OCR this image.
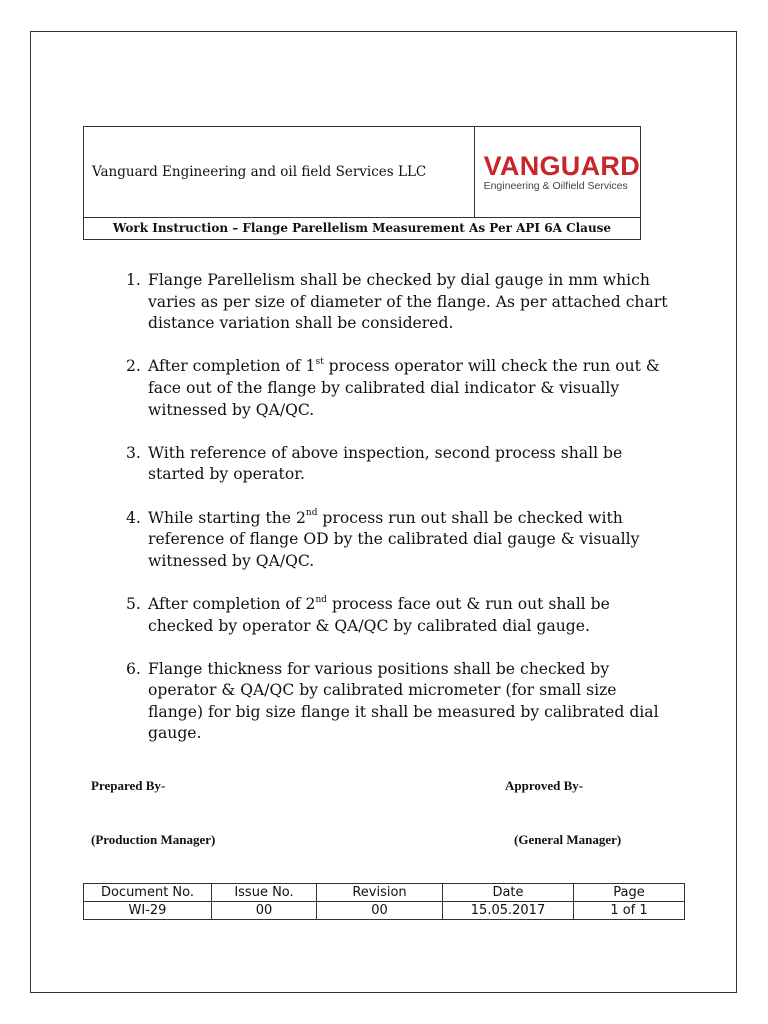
Vanguard Engineering and oil field Services LLC	VANGUARD
Engineering & Oilfield Services

Work Instruction – Flange Parellelism Measurement As Per API 6A Clause
1. Flange Parellelism shall be checked by dial gauge in mm which varies as per size of diameter of the flange. As per attached chart distance variation shall be considered.
2. After completion of 1st process operator will check the run out & face out of the flange by calibrated dial indicator & visually witnessed by QA/QC.
3. With reference of above inspection, second process shall be started by operator.
4. While starting the 2nd process run out shall be checked with reference of flange OD by the calibrated dial gauge & visually witnessed by QA/QC.
5. After completion of 2nd process face out & run out shall be checked by operator & QA/QC by calibrated dial gauge.
6. Flange thickness for various positions shall be checked by operator & QA/QC by calibrated micrometer (for small size flange) for big size flange it shall be measured by calibrated dial gauge.
Prepared By-	Approved By-
(Production Manager)	(General Manager)
Document No.	Issue No.	Revision	Date	Page
WI-29	00	00	15.05.2017	1 of 1
